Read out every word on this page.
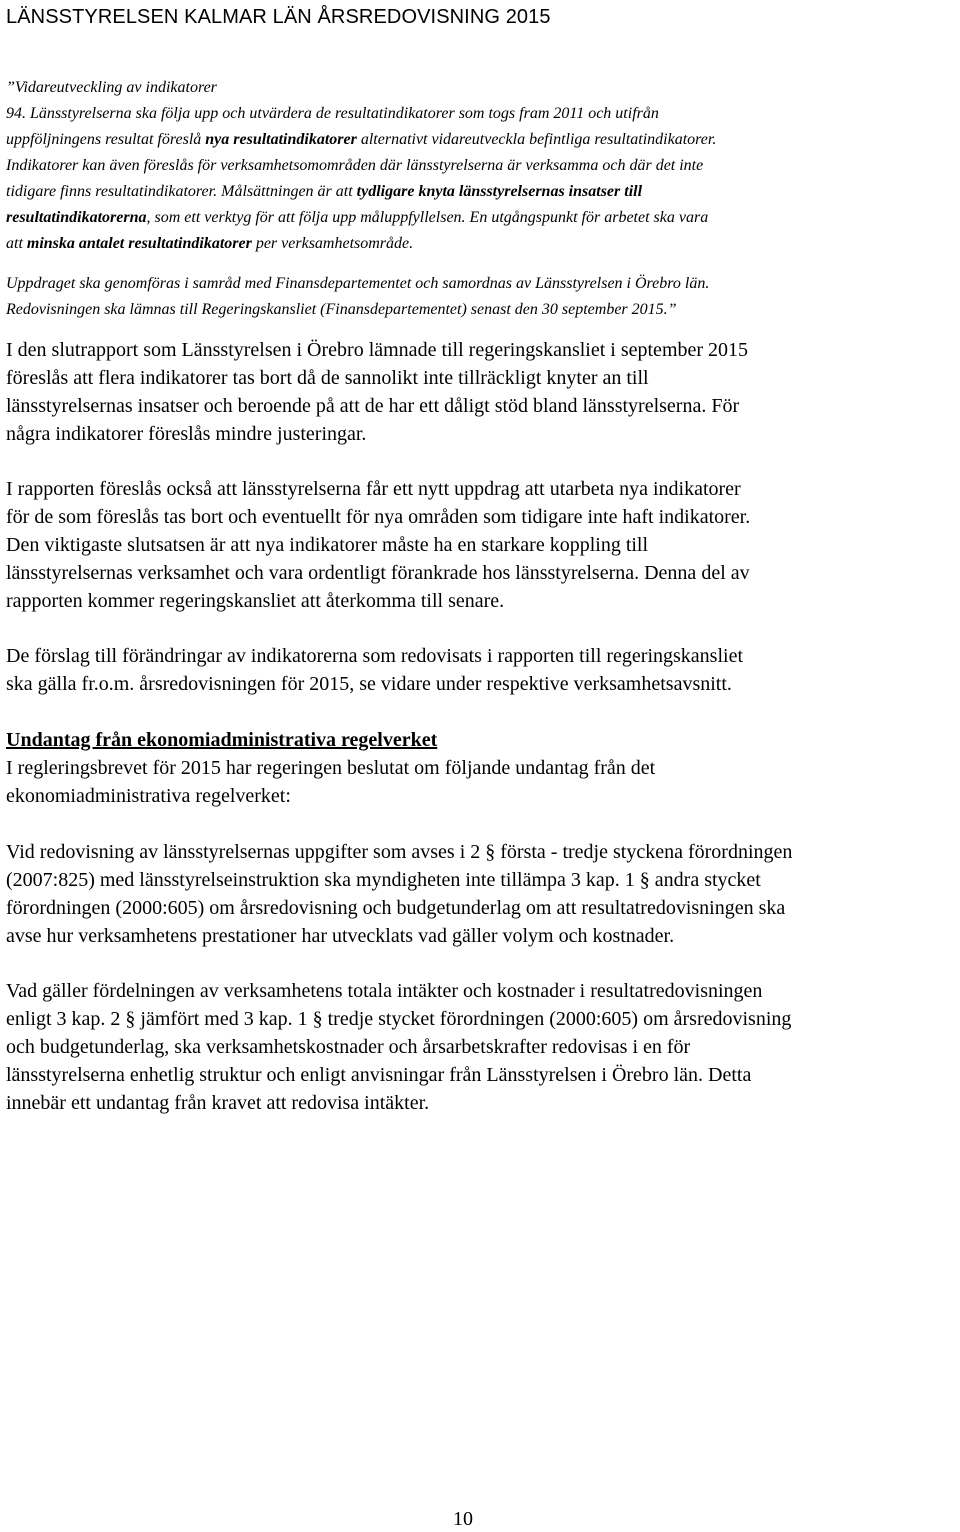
LÄNSSTYRELSEN KALMAR LÄN ÅRSREDOVISNING 2015

”Vidareutveckling av indikatorer

94. Länsstyrelserna ska följa upp och utvärdera de resultatindikatorer som togs fram 2011 och utifrån

uppföljningens resultat föreslå nya resultatindikatorer alternativt vidareutveckla befintliga resultatindikatorer.

Indikatorer kan även föreslås för verksamhetsomområden där länsstyrelserna är verksamma och där det inte

tidigare finns resultatindikatorer. Målsättningen är att tydligare knyta länsstyrelsernas insatser till

resultatindikatorerna, som ett verktyg för att följa upp måluppfyllelsen. En utgångspunkt för arbetet ska vara

att minska antalet resultatindikatorer per verksamhetsområde.

Uppdraget ska genomföras i samråd med Finansdepartementet och samordnas av Länsstyrelsen i Örebro län.

Redovisningen ska lämnas till Regeringskansliet (Finansdepartementet) senast den 30 september 2015.”

I den slutrapport som Länsstyrelsen i Örebro lämnade till regeringskansliet i september 2015

föreslås att flera indikatorer tas bort då de sannolikt inte tillräckligt knyter an till

länsstyrelsernas insatser och beroende på att de har ett dåligt stöd bland länsstyrelserna. För

några indikatorer föreslås mindre justeringar.

I rapporten föreslås också att länsstyrelserna får ett nytt uppdrag att utarbeta nya indikatorer

för de som föreslås tas bort och eventuellt för nya områden som tidigare inte haft indikatorer.

Den viktigaste slutsatsen är att nya indikatorer måste ha en starkare koppling till

länsstyrelsernas verksamhet och vara ordentligt förankrade hos länsstyrelserna. Denna del av

rapporten kommer regeringskansliet att återkomma till senare.

De förslag till förändringar av indikatorerna som redovisats i rapporten till regeringskansliet

ska gälla fr.o.m. årsredovisningen för 2015, se vidare under respektive verksamhetsavsnitt.

Undantag från ekonomiadministrativa regelverket

I regleringsbrevet för 2015 har regeringen beslutat om följande undantag från det

ekonomiadministrativa regelverket:

Vid redovisning av länsstyrelsernas uppgifter som avses i 2 § första - tredje styckena förordningen

(2007:825) med länsstyrelseinstruktion ska myndigheten inte tillämpa 3 kap. 1 § andra stycket

förordningen (2000:605) om årsredovisning och budgetunderlag om att resultatredovisningen ska

avse hur verksamhetens prestationer har utvecklats vad gäller volym och kostnader.

Vad gäller fördelningen av verksamhetens totala intäkter och kostnader i resultatredovisningen

enligt 3 kap. 2 § jämfört med 3 kap. 1 § tredje stycket förordningen (2000:605) om årsredovisning

och budgetunderlag, ska verksamhetskostnader och årsarbetskrafter redovisas i en för

länsstyrelserna enhetlig struktur och enligt anvisningar från Länsstyrelsen i Örebro län. Detta

innebär ett undantag från kravet att redovisa intäkter.

10
